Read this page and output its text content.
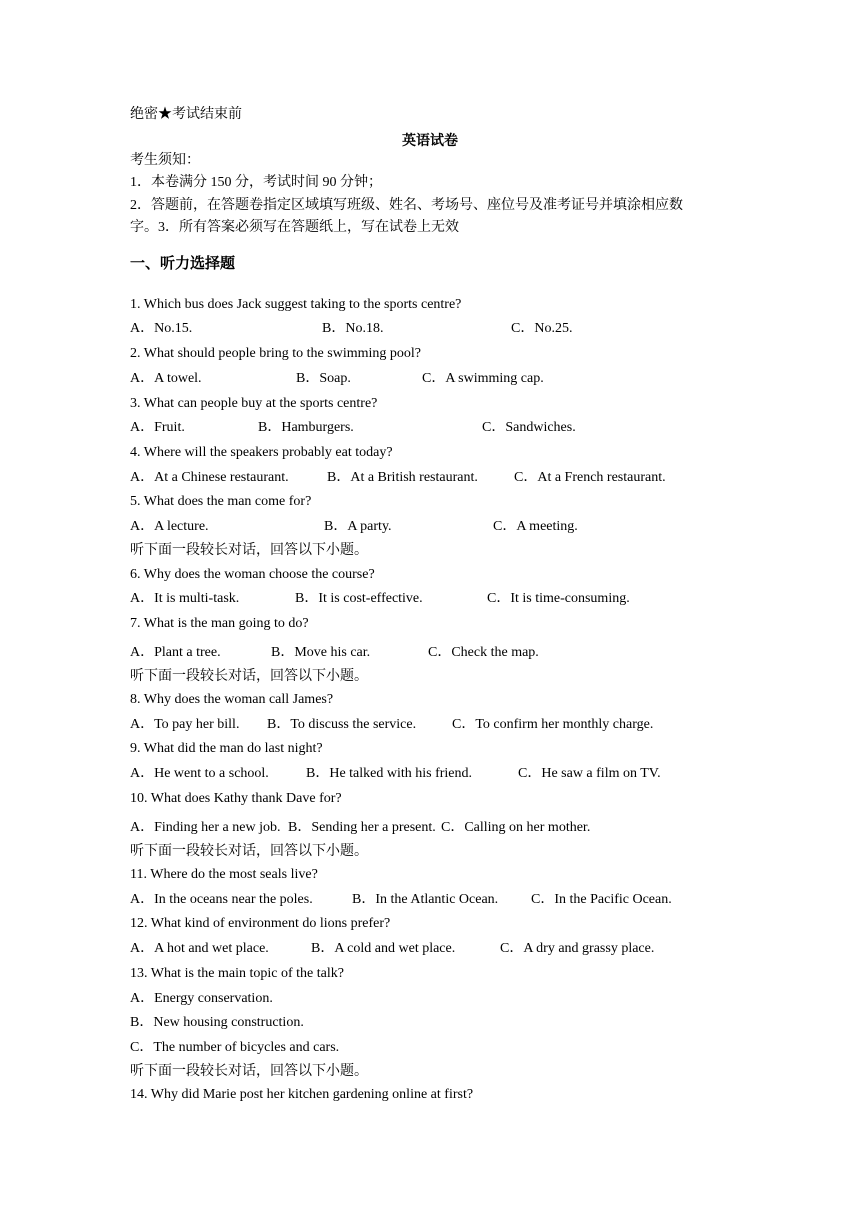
绝密★考试结束前
英语试卷
考生须知：
1．本卷满分 150 分，考试时间 90 分钟；
2．答题前，在答题卷指定区域填写班级、姓名、考场号、座位号及准考证号并填涂相应数
字。3．所有答案必须写在答题纸上，写在试卷上无效
一、听力选择题
1. Which bus does Jack suggest taking to the sports centre?
A．No.15.	B．No.18.	C．No.25.
2. What should people bring to the swimming pool?
A．A towel.	B．Soap.	C．A swimming cap.
3. What can people buy at the sports centre?
A．Fruit.	B．Hamburgers.	C．Sandwiches.
4. Where will the speakers probably eat today?
A．At a Chinese restaurant.	B．At a British restaurant.	C．At a French restaurant.
5. What does the man come for?
A．A lecture.	B．A party.	C．A meeting.
听下面一段较长对话，回答以下小题。
6. Why does the woman choose the course?
A．It is multi-task.	B．It is cost-effective.	C．It is time-consuming.
7. What is the man going to do?
A．Plant a tree.	B．Move his car.	C．Check the map.
听下面一段较长对话，回答以下小题。
8. Why does the woman call James?
A．To pay her bill. B．To discuss the service.	C．To confirm her monthly charge.
9. What did the man do last night?
A．He went to a school.	B．He talked with his friend.	C．He saw a film on TV.
10. What does Kathy thank Dave for?
A．Finding her a new job. B．Sending her a present. C．Calling on her mother.
听下面一段较长对话，回答以下小题。
11. Where do the most seals live?
A．In the oceans near the poles.	B．In the Atlantic Ocean. C．In the Pacific Ocean.
12. What kind of environment do lions prefer?
A．A hot and wet place.	B．A cold and wet place.	C．A dry and grassy place.
13. What is the main topic of the talk?
A．Energy conservation.
B．New housing construction.
C．The number of bicycles and cars.
听下面一段较长对话，回答以下小题。
14. Why did Marie post her kitchen gardening online at first?
